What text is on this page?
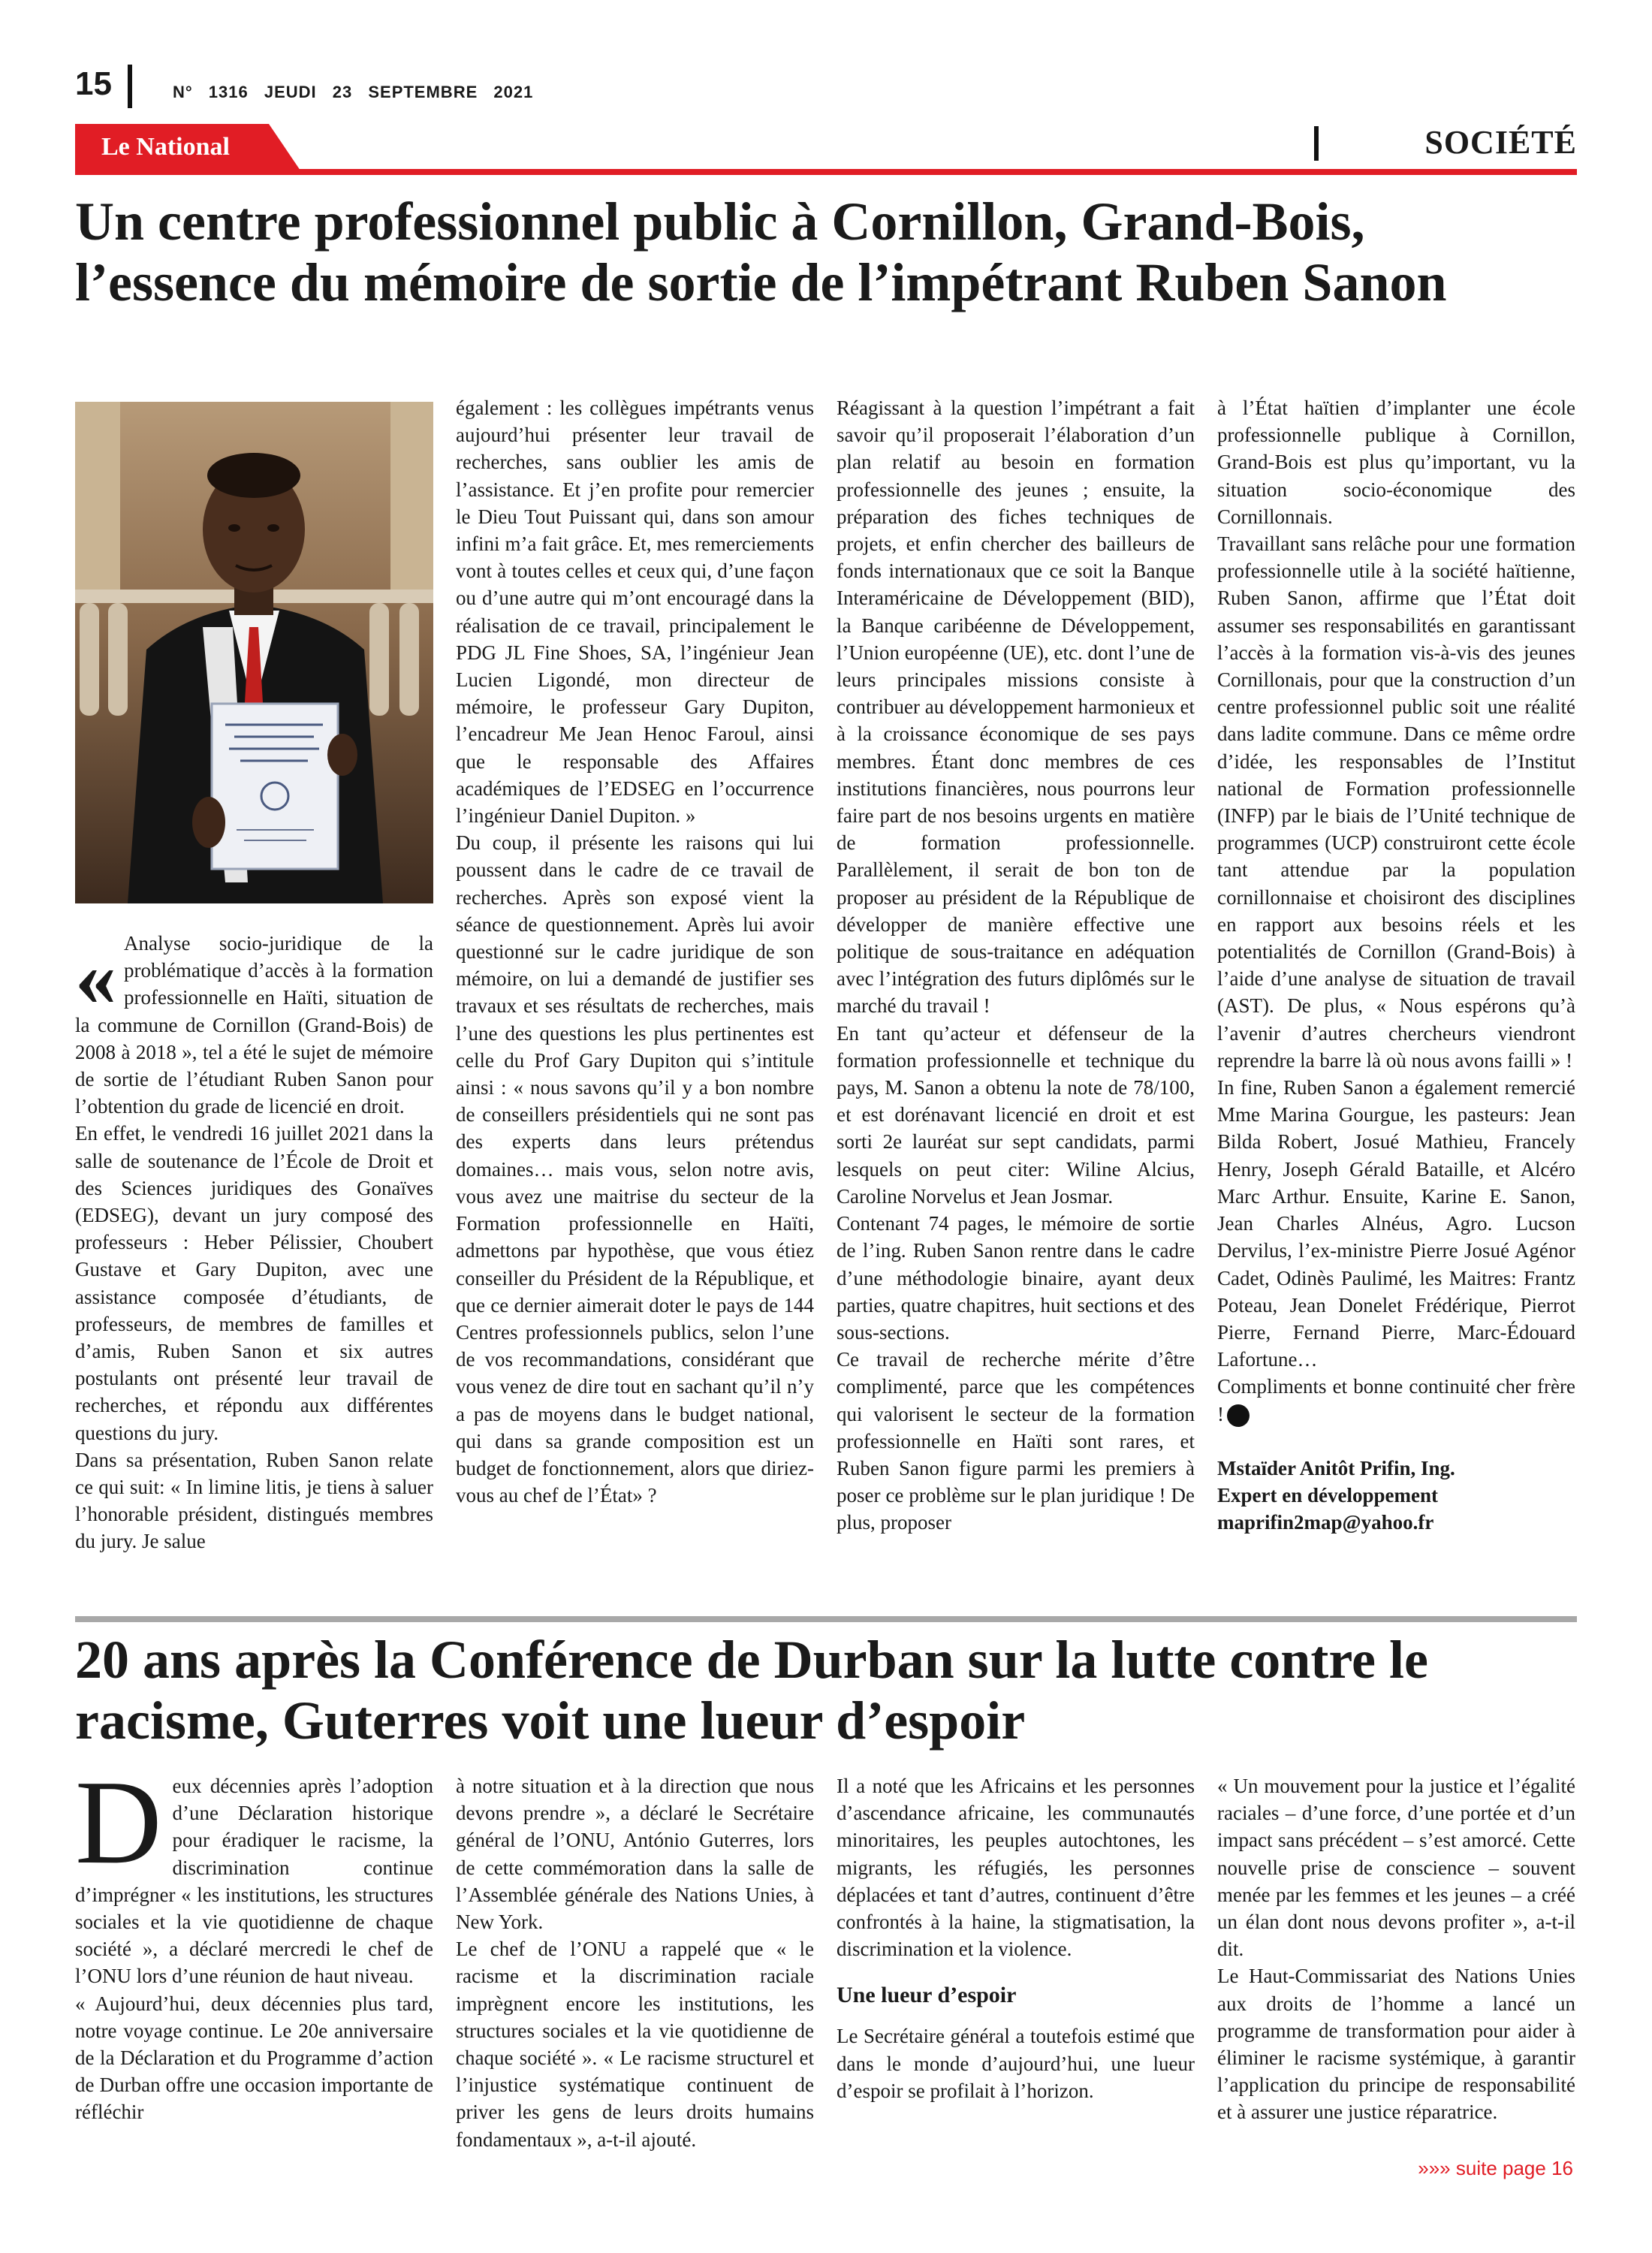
15	N° 1316 JEUDI 23 SEPTEMBRE 2021
Le National	SOCIÉTÉ
Un centre professionnel public à Cornillon, Grand-Bois, l’essence du mémoire de sortie de l’impétrant Ruben Sanon
« Analyse socio-juridique de la problématique d’accès à la formation professionnelle en Haïti, situation de la commune de Cornillon (Grand-Bois) de 2008 à 2018 », tel a été le sujet de mémoire de sortie de l’étudiant Ruben Sanon pour l’obtention du grade de licencié en droit.

En effet, le vendredi 16 juillet 2021 dans la salle de soutenance de l’École de Droit et des Sciences juridiques des Gonaïves (EDSEG), devant un jury composé des professeurs : Heber Pélissier, Choubert Gustave et Gary Dupiton, avec une assistance composée d’étudiants, de professeurs, de membres de familles et d’amis, Ruben Sanon et six autres postulants ont présenté leur travail de recherches, et répondu aux différentes questions du jury.

Dans sa présentation, Ruben Sanon relate ce qui suit: « In limine litis, je tiens à saluer l’honorable président, distingués membres du jury. Je salue

également : les collègues impétrants venus aujourd’hui présenter leur travail de recherches, sans oublier les amis de l’assistance. Et j’en profite pour remercier le Dieu Tout Puissant qui, dans son amour infini m’a fait grâce. Et, mes remerciements vont à toutes celles et ceux qui, d’une façon ou d’une autre qui m’ont encouragé dans la réalisation de ce travail, principalement le PDG JL Fine Shoes, SA, l’ingénieur Jean Lucien Ligondé, mon directeur de mémoire, le professeur Gary Dupiton, l’encadreur Me Jean Henoc Faroul, ainsi que le responsable des Affaires académiques de l’EDSEG en l’occurrence l’ingénieur Daniel Dupiton. »

Du coup, il présente les raisons qui lui poussent dans le cadre de ce travail de recherches. Après son exposé vient la séance de questionnement. Après lui avoir questionné sur le cadre juridique de son mémoire, on lui a demandé de justifier ses travaux et ses résultats de recherches, mais l’une des questions les plus pertinentes est celle du Prof Gary Dupiton qui s’intitule ainsi : « nous savons qu’il y a bon nombre de conseillers présidentiels qui ne sont pas des experts dans leurs prétendus domaines… mais vous, selon notre avis, vous avez une maitrise du secteur de la Formation professionnelle en Haïti, admettons par hypothèse, que vous étiez conseiller du Président de la République, et que ce dernier aimerait doter le pays de 144 Centres professionnels publics, selon l’une de vos recommandations, considérant que vous venez de dire tout en sachant qu’il n’y a pas de moyens dans le budget national, qui dans sa grande composition est un budget de fonctionnement, alors que diriez-vous au chef de l’État» ?

Réagissant à la question l’impétrant a fait savoir qu’il proposerait l’élaboration d’un plan relatif au besoin en formation professionnelle des jeunes ; ensuite, la préparation des fiches techniques de projets, et enfin chercher des bailleurs de fonds internationaux que ce soit la Banque Interaméricaine de Développement (BID), la Banque caribéenne de Développement, l’Union européenne (UE), etc. dont l’une de leurs principales missions consiste à contribuer au développement harmonieux et à la croissance économique de ses pays membres. Étant donc membres de ces institutions financières, nous pourrons leur faire part de nos besoins urgents en matière de formation professionnelle. Parallèlement, il serait de bon ton de proposer au président de la République de développer de manière effective une politique de sous-traitance en adéquation avec l’intégration des futurs diplômés sur le marché du travail !

En tant qu’acteur et défenseur de la formation professionnelle et technique du pays, M. Sanon a obtenu la note de 78/100, et est dorénavant licencié en droit et est sorti 2e lauréat sur sept candidats, parmi lesquels on peut citer: Wiline Alcius, Caroline Norvelus et Jean Josmar.

Contenant 74 pages, le mémoire de sortie de l’ing. Ruben Sanon rentre dans le cadre d’une méthodologie binaire, ayant deux parties, quatre chapitres, huit sections et des sous-sections.

Ce travail de recherche mérite d’être complimenté, parce que les compétences qui valorisent le secteur de la formation professionnelle en Haïti sont rares, et Ruben Sanon figure parmi les premiers à poser ce problème sur le plan juridique ! De plus, proposer

à l’État haïtien d’implanter une école professionnelle publique à Cornillon, Grand-Bois est plus qu’important, vu la situation socio-économique des Cornillonnais.

Travaillant sans relâche pour une formation professionnelle utile à la société haïtienne, Ruben Sanon, affirme que l’État doit assumer ses responsabilités en garantissant l’accès à la formation vis-à-vis des jeunes Cornillonais, pour que la construction d’un centre professionnel public soit une réalité dans ladite commune. Dans ce même ordre d’idée, les responsables de l’Institut national de Formation professionnelle (INFP) par le biais de l’Unité technique de programmes (UCP) construiront cette école tant attendue par la population cornillonnaise et choisiront des disciplines en rapport aux besoins réels et les potentialités de Cornillon (Grand-Bois) à l’aide d’une analyse de situation de travail (AST). De plus, « Nous espérons qu’à l’avenir d’autres chercheurs viendront reprendre la barre là où nous avons failli » !

In fine, Ruben Sanon a également remercié Mme Marina Gourgue, les pasteurs: Jean Bilda Robert, Josué Mathieu, Francely Henry, Joseph Gérald Bataille, et Alcéro Marc Arthur. Ensuite, Karine E. Sanon, Jean Charles Alnéus, Agro. Lucson Dervilus, l’ex-ministre Pierre Josué Agénor Cadet, Odinès Paulimé, les Maitres: Frantz Poteau, Jean Donelet Frédérique, Pierrot Pierre, Fernand Pierre, Marc-Édouard Lafortune…

Compliments et bonne continuité cher frère !

Mstaïder Anitôt Prifin, Ing.
Expert en développement
maprifin2map@yahoo.fr
20 ans après la Conférence de Durban sur la lutte contre le racisme, Guterres voit une lueur d’espoir
D eux décennies après l’adoption d’une Déclaration historique pour éradiquer le racisme, la discrimination continue d’imprégner « les institutions, les structures sociales et la vie quotidienne de chaque société », a déclaré mercredi le chef de l’ONU lors d’une réunion de haut niveau.

« Aujourd’hui, deux décennies plus tard, notre voyage continue. Le 20e anniversaire de la Déclaration et du Programme d’action de Durban offre une occasion importante de réfléchir

à notre situation et à la direction que nous devons prendre », a déclaré le Secrétaire général de l’ONU, António Guterres, lors de cette commémoration dans la salle de l’Assemblée générale des Nations Unies, à New York.

Le chef de l’ONU a rappelé que « le racisme et la discrimination raciale imprègnent encore les institutions, les structures sociales et la vie quotidienne de chaque société ». « Le racisme structurel et l’injustice systématique continuent de priver les gens de leurs droits humains fondamentaux », a-t-il ajouté.

Il a noté que les Africains et les personnes d’ascendance africaine, les communautés minoritaires, les peuples autochtones, les migrants, les réfugiés, les personnes déplacées et tant d’autres, continuent d’être confrontés à la haine, la stigmatisation, la discrimination et la violence.

Une lueur d’espoir

Le Secrétaire général a toutefois estimé que dans le monde d’aujourd’hui, une lueur d’espoir se profilait à l’horizon.

« Un mouvement pour la justice et l’égalité raciales – d’une force, d’une portée et d’un impact sans précédent – s’est amorcé. Cette nouvelle prise de conscience – souvent menée par les femmes et les jeunes – a créé un élan dont nous devons profiter », a-t-il dit.

Le Haut-Commissariat des Nations Unies aux droits de l’homme a lancé un programme de transformation pour aider à éliminer le racisme systémique, à garantir l’application du principe de responsabilité et à assurer une justice réparatrice.

»»» suite page 16
